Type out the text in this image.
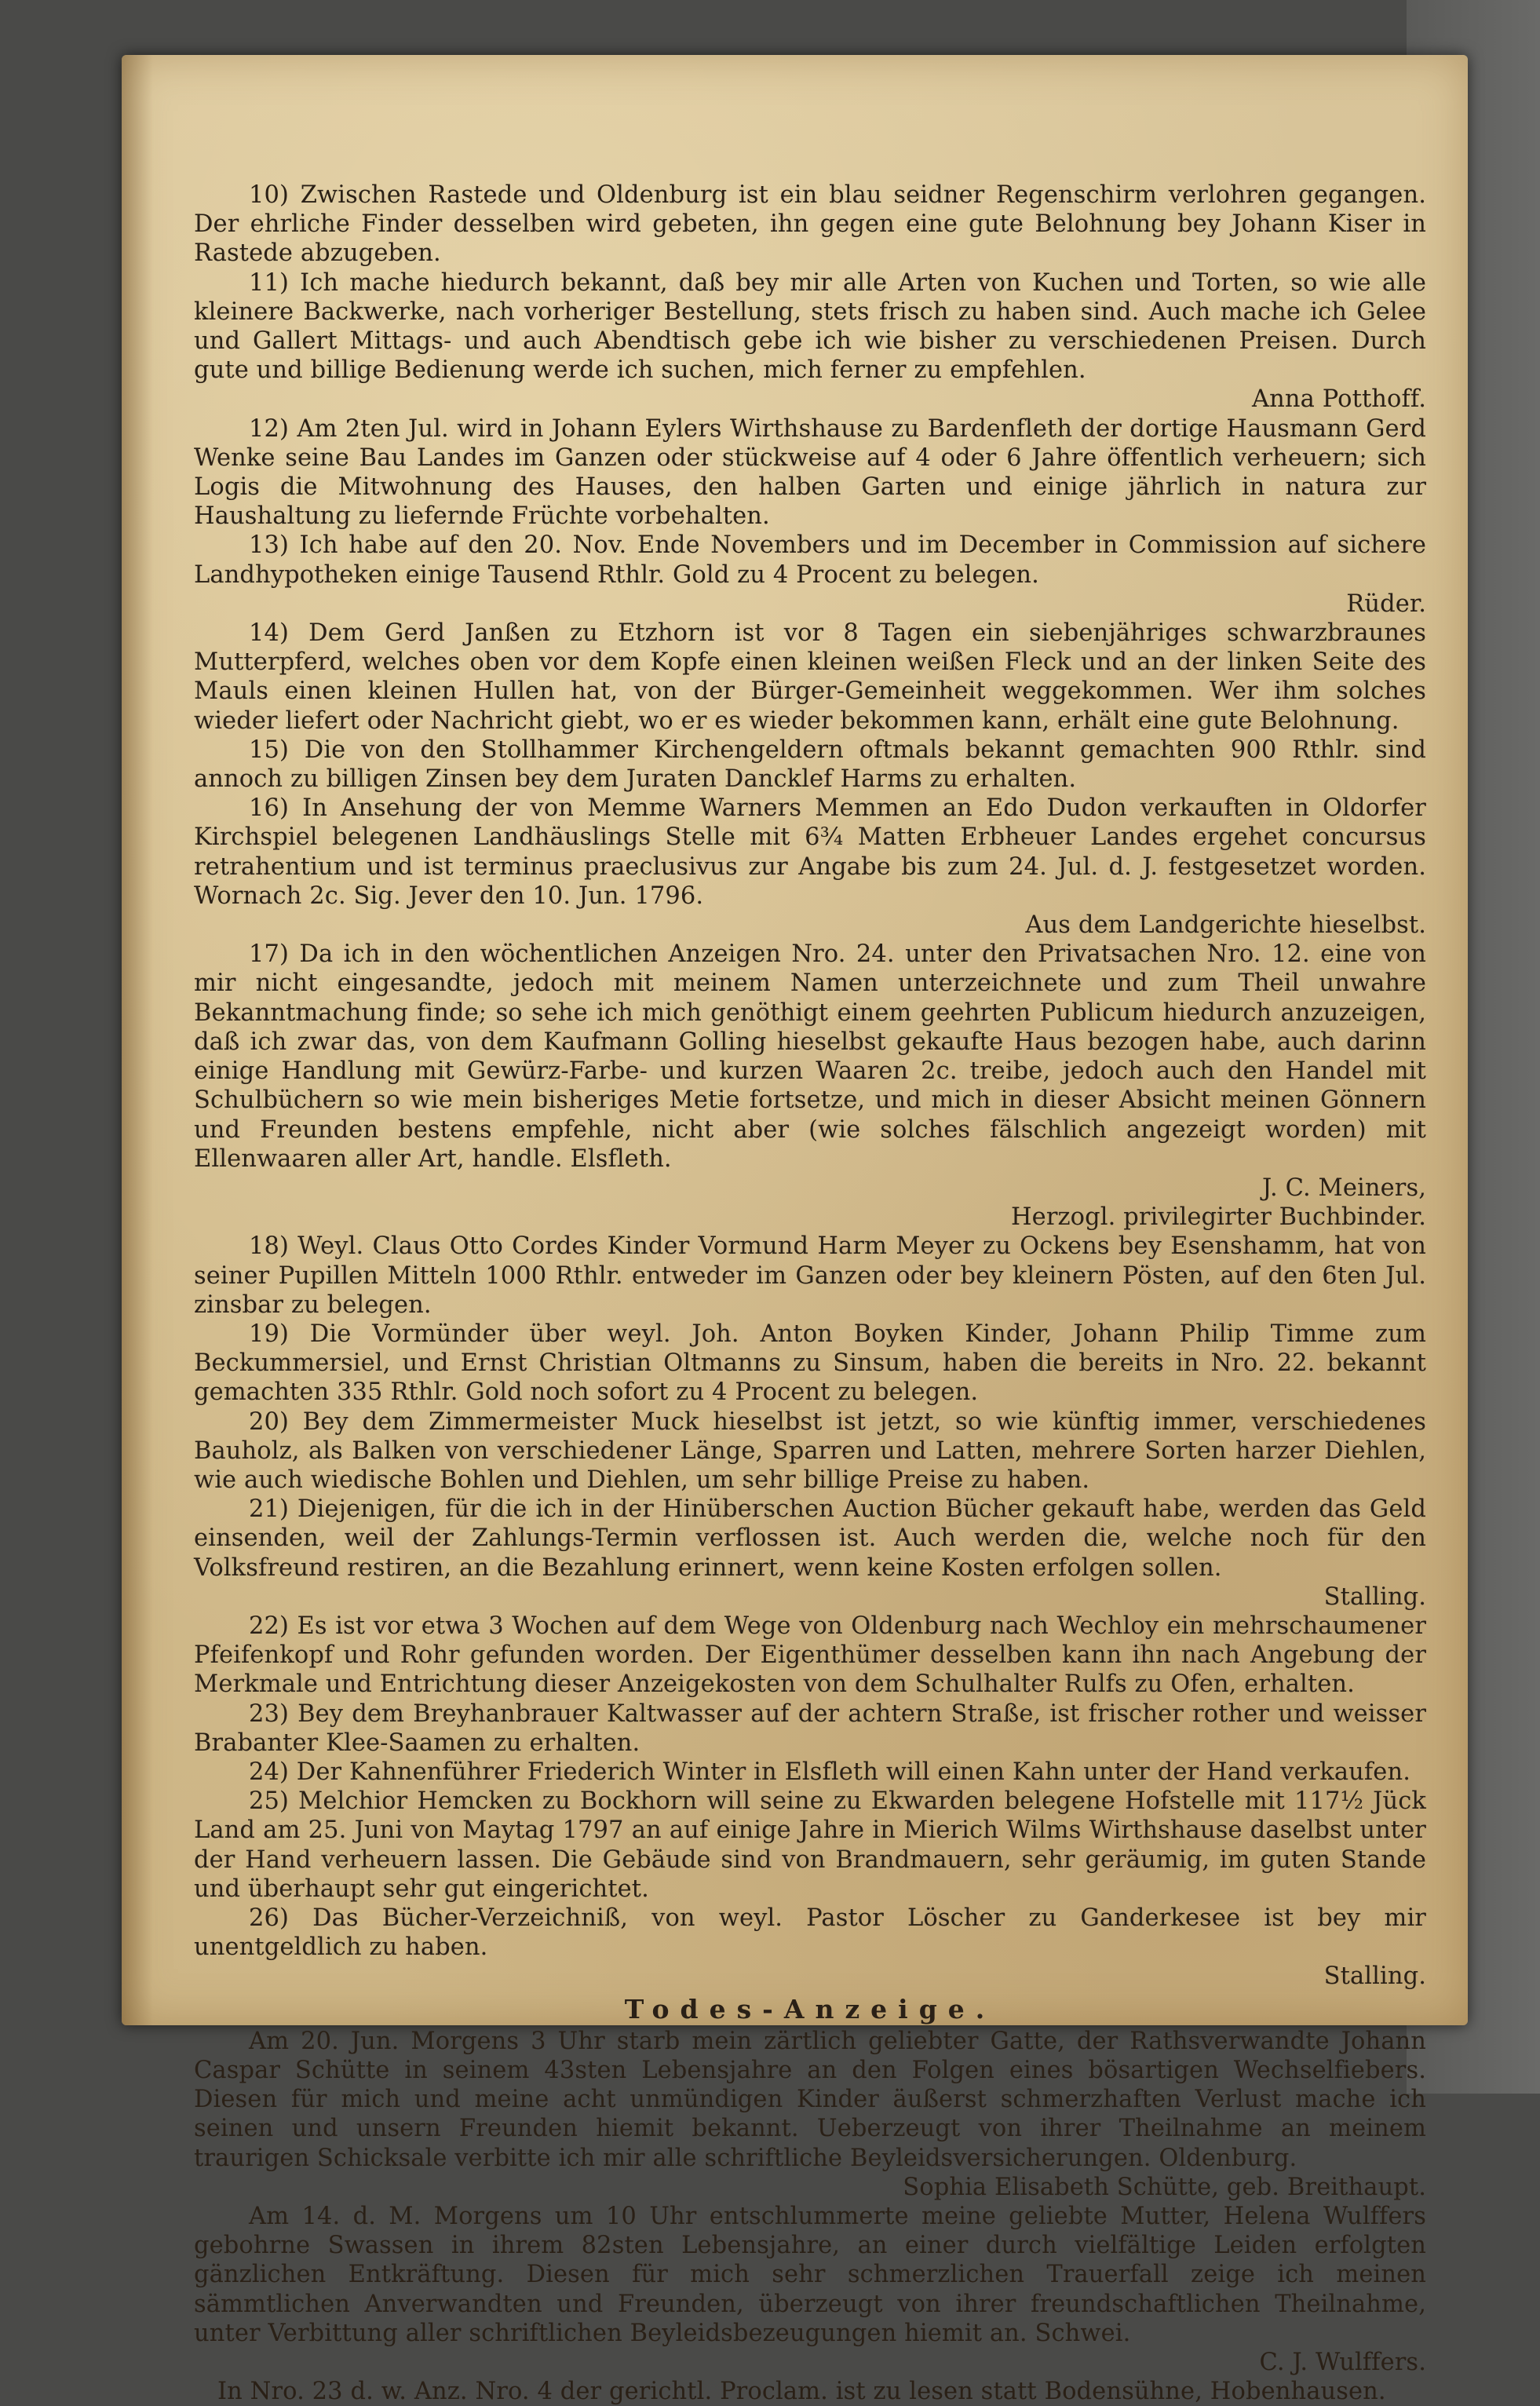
10) Zwischen Rastede und Oldenburg ist ein blau seidner Regenschirm verlohren gegangen. Der ehrliche Finder desselben wird gebeten, ihn gegen eine gute Belohnung bey Johann Kiser in Rastede abzugeben.

11) Ich mache hiedurch bekannt, daß bey mir alle Arten von Kuchen und Torten, so wie alle kleinere Backwerke, nach vorheriger Bestellung, stets frisch zu haben sind. Auch mache ich Gelee und Gallert Mittags- und auch Abendtisch gebe ich wie bisher zu verschiedenen Preisen. Durch gute und billige Bedienung werde ich suchen, mich ferner zu empfehlen.

Anna Potthoff.

12) Am 2ten Jul. wird in Johann Eylers Wirthshause zu Bardenfleth der dortige Hausmann Gerd Wenke seine Bau Landes im Ganzen oder stückweise auf 4 oder 6 Jahre öffentlich verheuern; sich Logis die Mitwohnung des Hauses, den halben Garten und einige jährlich in natura zur Haushaltung zu liefernde Früchte vorbehalten.

13) Ich habe auf den 20. Nov. Ende Novembers und im December in Commission auf sichere Landhypotheken einige Tausend Rthlr. Gold zu 4 Procent zu belegen.

Rüder.

14) Dem Gerd Janßen zu Etzhorn ist vor 8 Tagen ein siebenjähriges schwarzbraunes Mutterpferd, welches oben vor dem Kopfe einen kleinen weißen Fleck und an der linken Seite des Mauls einen kleinen Hullen hat, von der Bürger-Gemeinheit weggekommen. Wer ihm solches wieder liefert oder Nachricht giebt, wo er es wieder bekommen kann, erhält eine gute Belohnung.

15) Die von den Stollhammer Kirchengeldern oftmals bekannt gemachten 900 Rthlr. sind annoch zu billigen Zinsen bey dem Juraten Dancklef Harms zu erhalten.

16) In Ansehung der von Memme Warners Memmen an Edo Dudon verkauften in Oldorfer Kirchspiel belegenen Landhäuslings Stelle mit 6¾ Matten Erbheuer Landes ergehet concursus retrahentium und ist terminus praeclusivus zur Angabe bis zum 24. Jul. d. J. festgesetzet worden. Wornach 2c. Sig. Jever den 10. Jun. 1796.

Aus dem Landgerichte hieselbst.

17) Da ich in den wöchentlichen Anzeigen Nro. 24. unter den Privatsachen Nro. 12. eine von mir nicht eingesandte, jedoch mit meinem Namen unterzeichnete und zum Theil unwahre Bekanntmachung finde; so sehe ich mich genöthigt einem geehrten Publicum hiedurch anzuzeigen, daß ich zwar das, von dem Kaufmann Golling hieselbst gekaufte Haus bezogen habe, auch darinn einige Handlung mit Gewürz-Farbe- und kurzen Waaren 2c. treibe, jedoch auch den Handel mit Schulbüchern so wie mein bisheriges Metie fortsetze, und mich in dieser Absicht meinen Gönnern und Freunden bestens empfehle, nicht aber (wie solches fälschlich angezeigt worden) mit Ellenwaaren aller Art, handle. Elsfleth.

J. C. Meiners,

Herzogl. privilegirter Buchbinder.

18) Weyl. Claus Otto Cordes Kinder Vormund Harm Meyer zu Ockens bey Esenshamm, hat von seiner Pupillen Mitteln 1000 Rthlr. entweder im Ganzen oder bey kleinern Pösten, auf den 6ten Jul. zinsbar zu belegen.

19) Die Vormünder über weyl. Joh. Anton Boyken Kinder, Johann Philip Timme zum Beckummersiel, und Ernst Christian Oltmanns zu Sinsum, haben die bereits in Nro. 22. bekannt gemachten 335 Rthlr. Gold noch sofort zu 4 Procent zu belegen.

20) Bey dem Zimmermeister Muck hieselbst ist jetzt, so wie künftig immer, verschiedenes Bauholz, als Balken von verschiedener Länge, Sparren und Latten, mehrere Sorten harzer Diehlen, wie auch wiedische Bohlen und Diehlen, um sehr billige Preise zu haben.

21) Diejenigen, für die ich in der Hinüberschen Auction Bücher gekauft habe, werden das Geld einsenden, weil der Zahlungs-Termin verflossen ist. Auch werden die, welche noch für den Volksfreund restiren, an die Bezahlung erinnert, wenn keine Kosten erfolgen sollen.

Stalling.

22) Es ist vor etwa 3 Wochen auf dem Wege von Oldenburg nach Wechloy ein mehrschaumener Pfeifenkopf und Rohr gefunden worden. Der Eigenthümer desselben kann ihn nach Angebung der Merkmale und Entrichtung dieser Anzeigekosten von dem Schulhalter Rulfs zu Ofen, erhalten.

23) Bey dem Breyhanbrauer Kaltwasser auf der achtern Straße, ist frischer rother und weisser Brabanter Klee-Saamen zu erhalten.

24) Der Kahnenführer Friederich Winter in Elsfleth will einen Kahn unter der Hand verkaufen.

25) Melchior Hemcken zu Bockhorn will seine zu Ekwarden belegene Hofstelle mit 117½ Jück Land am 25. Juni von Maytag 1797 an auf einige Jahre in Mierich Wilms Wirthshause daselbst unter der Hand verheuern lassen. Die Gebäude sind von Brandmauern, sehr geräumig, im guten Stande und überhaupt sehr gut eingerichtet.

26) Das Bücher-Verzeichniß, von weyl. Pastor Löscher zu Ganderkesee ist bey mir unentgeldlich zu haben.

Stalling.

Todes-Anzeige.

Am 20. Jun. Morgens 3 Uhr starb mein zärtlich geliebter Gatte, der Rathsverwandte Johann Caspar Schütte in seinem 43sten Lebensjahre an den Folgen eines bösartigen Wechselfiebers. Diesen für mich und meine acht unmündigen Kinder äußerst schmerzhaften Verlust mache ich seinen und unsern Freunden hiemit bekannt. Ueberzeugt von ihrer Theilnahme an meinem traurigen Schicksale verbitte ich mir alle schriftliche Beyleidsversicherungen. Oldenburg.

Sophia Elisabeth Schütte, geb. Breithaupt.

Am 14. d. M. Morgens um 10 Uhr entschlummerte meine geliebte Mutter, Helena Wulffers gebohrne Swassen in ihrem 82sten Lebensjahre, an einer durch vielfältige Leiden erfolgten gänzlichen Entkräftung. Diesen für mich sehr schmerzlichen Trauerfall zeige ich meinen sämmtlichen Anverwandten und Freunden, überzeugt von ihrer freundschaftlichen Theilnahme, unter Verbittung aller schriftlichen Beyleidsbezeugungen hiemit an. Schwei.

C. J. Wulffers.

In Nro. 23 d. w. Anz. Nro. 4 der gerichtl. Proclam. ist zu lesen statt Bodensühne, Hobenhausen.
